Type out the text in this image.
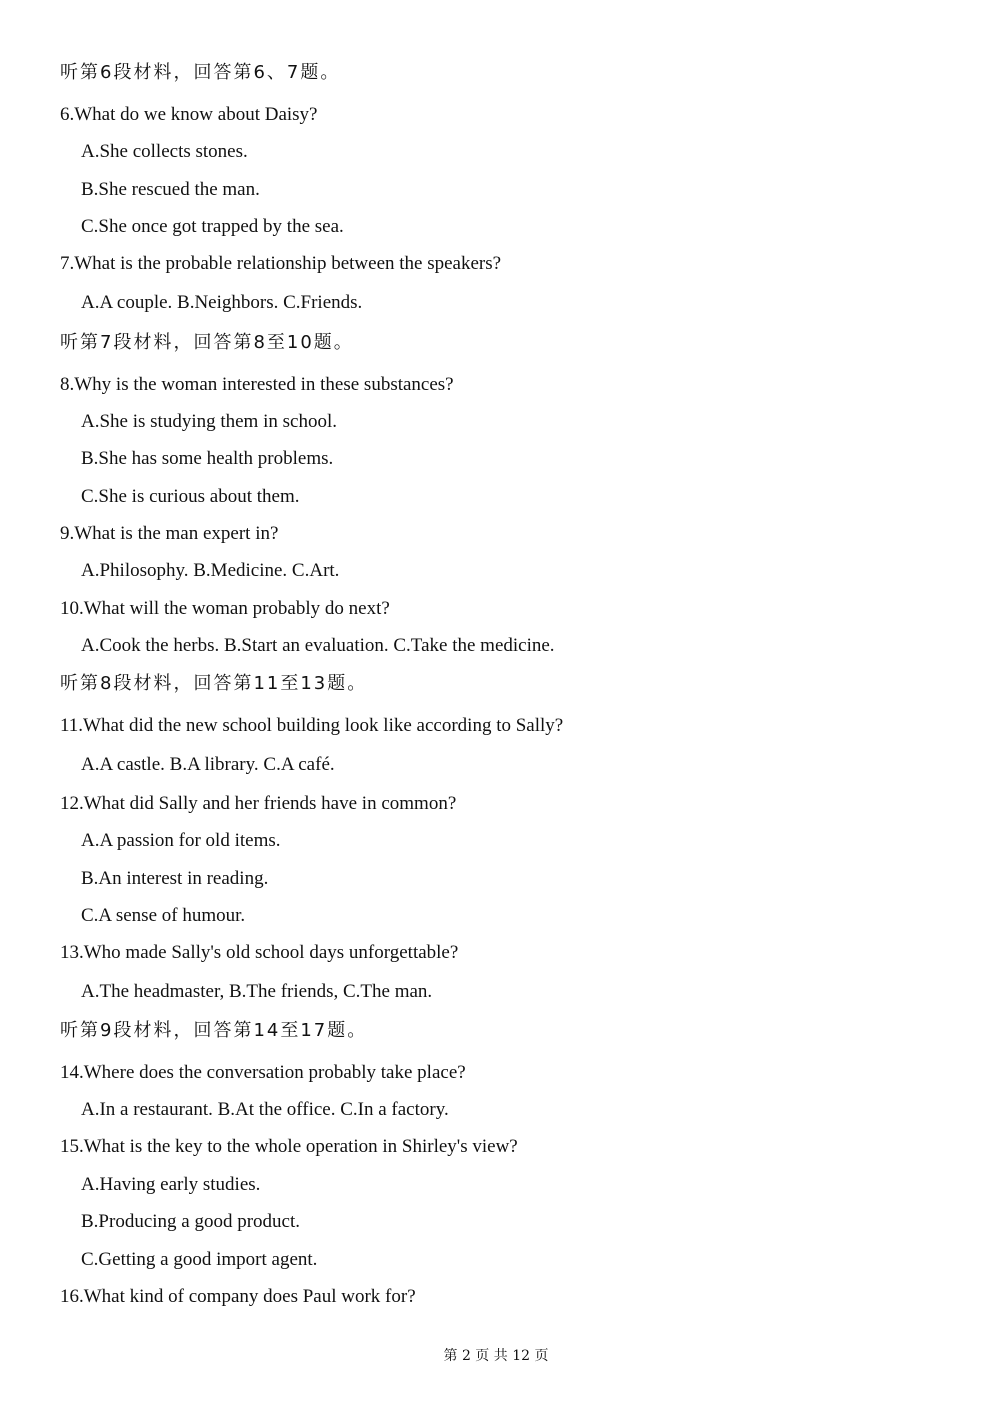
听第6段材料，回答第6、7题。
6.What do we know about Daisy?
A.She collects stones.
B.She rescued the man.
C.She once got trapped by the sea.
7.What is the probable relationship between the speakers?
A.A couple. B.Neighbors. C.Friends.
听第7段材料，回答第8至10题。
8.Why is the woman interested in these substances?
A.She is studying them in school.
B.She has some health problems.
C.She is curious about them.
9.What is the man expert in?
A.Philosophy. B.Medicine. C.Art.
10.What will the woman probably do next?
A.Cook the herbs. B.Start an evaluation. C.Take the medicine.
听第8段材料，回答第11至13题。
11.What did the new school building look like according to Sally?
A.A castle. B.A library. C.A café.
12.What did Sally and her friends have in common?
A.A passion for old items.
B.An interest in reading.
C.A sense of humour.
13.Who made Sally's old school days unforgettable?
A.The headmaster, B.The friends, C.The man.
听第9段材料，回答第14至17题。
14.Where does the conversation probably take place?
A.In a restaurant. B.At the office. C.In a factory.
15.What is the key to the whole operation in Shirley's view?
A.Having early studies.
B.Producing a good product.
C.Getting a good import agent.
16.What kind of company does Paul work for?
第 2 页 共 12 页
